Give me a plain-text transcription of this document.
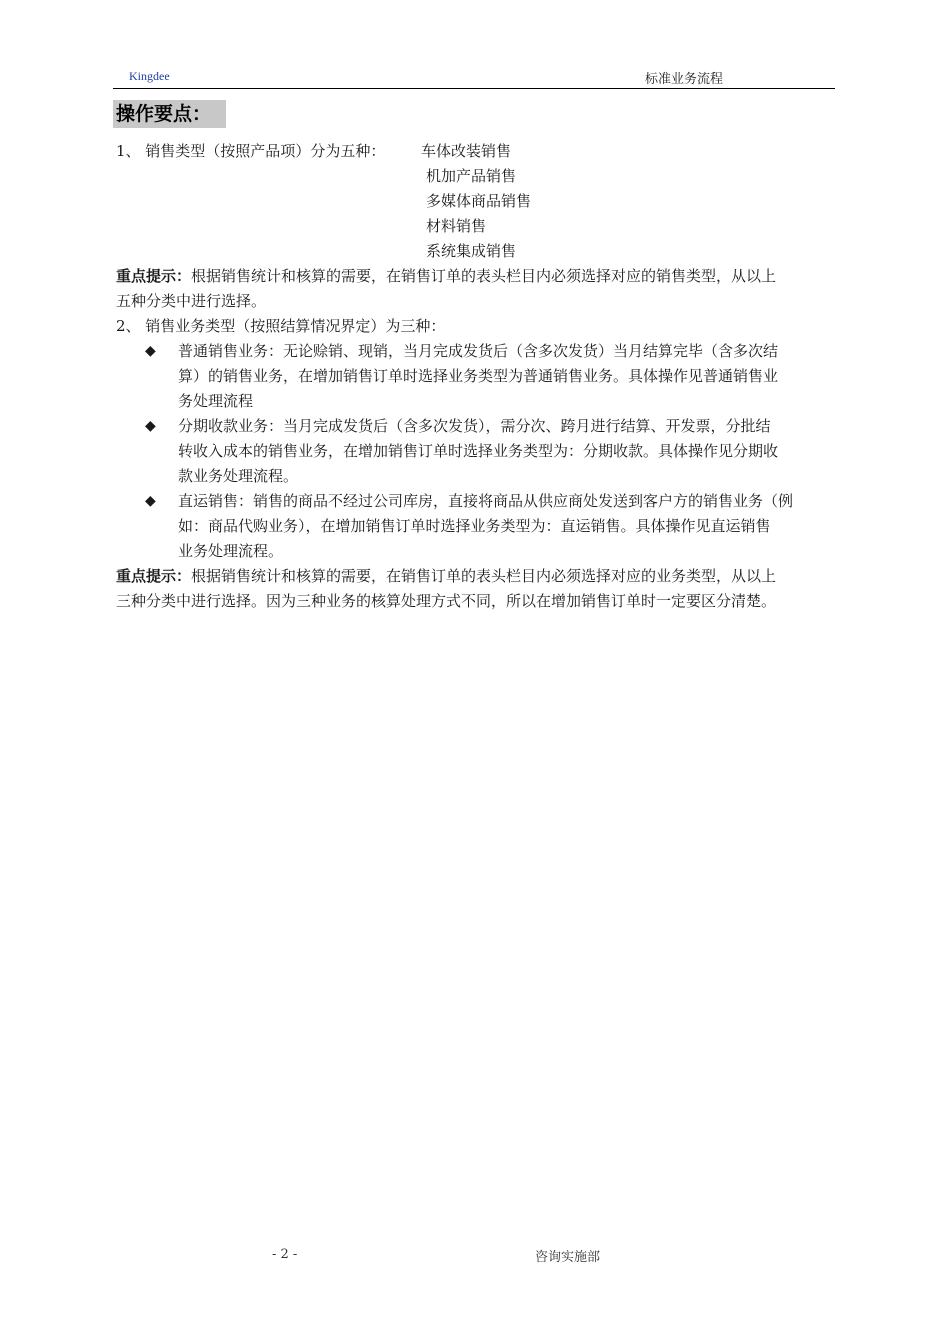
Kingdee	标准业务流程
操作要点：
1、 销售类型（按照产品项）分为五种： 车体改装销售
机加产品销售
多媒体商品销售
材料销售
系统集成销售
重点提示：根据销售统计和核算的需要，在销售订单的表头栏目内必须选择对应的销售类型，从以上
五种分类中进行选择。
2、 销售业务类型（按照结算情况界定）为三种：
◆ 普通销售业务：无论赊销、现销，当月完成发货后（含多次发货）当月结算完毕（含多次结
算）的销售业务，在增加销售订单时选择业务类型为普通销售业务。具体操作见普通销售业
务处理流程
◆ 分期收款业务：当月完成发货后（含多次发货），需分次、跨月进行结算、开发票，分批结
转收入成本的销售业务，在增加销售订单时选择业务类型为：分期收款。具体操作见分期收
款业务处理流程。
◆ 直运销售：销售的商品不经过公司库房，直接将商品从供应商处发送到客户方的销售业务（例
如：商品代购业务），在增加销售订单时选择业务类型为：直运销售。具体操作见直运销售
业务处理流程。
重点提示：根据销售统计和核算的需要，在销售订单的表头栏目内必须选择对应的业务类型，从以上
三种分类中进行选择。因为三种业务的核算处理方式不同，所以在增加销售订单时一定要区分清楚。
- 2 -	咨询实施部
